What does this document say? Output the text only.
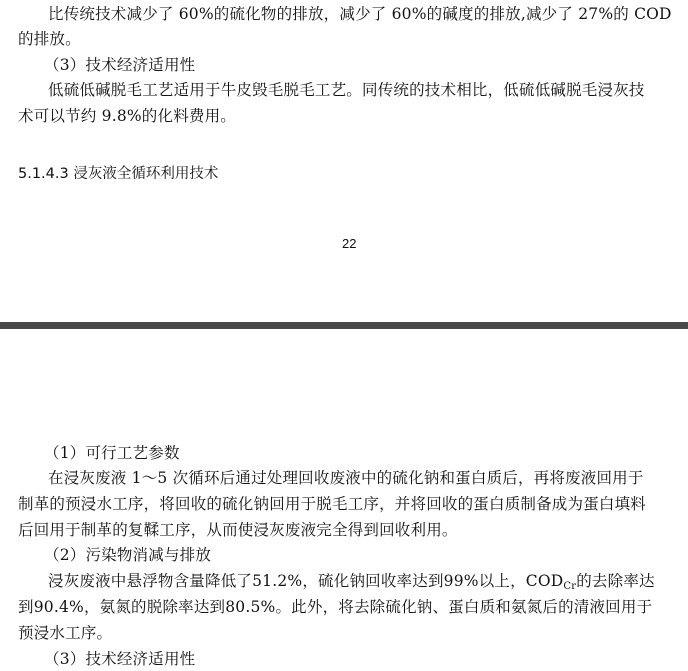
比传统技术减少了 60%的硫化物的排放，减少了 60%的碱度的排放,减少了 27%的 COD
的排放。
（3）技术经济适用性
低硫低碱脱毛工艺适用于牛皮毁毛脱毛工艺。同传统的技术相比，低硫低碱脱毛浸灰技
术可以节约 9.8%的化料费用。
5.1.4.3 浸灰液全循环利用技术
22
（1）可行工艺参数
在浸灰废液 1～5 次循环后通过处理回收废液中的硫化钠和蛋白质后，再将废液回用于
制革的预浸水工序，将回收的硫化钠回用于脱毛工序，并将回收的蛋白质制备成为蛋白填料
后回用于制革的复鞣工序，从而使浸灰废液完全得到回收利用。
（2）污染物消减与排放
浸灰废液中悬浮物含量降低了51.2%，硫化钠回收率达到99%以上，$COD_{Cr}$的去除率达
到90.4%，氨氮的脱除率达到80.5%。此外，将去除硫化钠、蛋白质和氨氮后的清液回用于
预浸水工序。
（3）技术经济适用性
